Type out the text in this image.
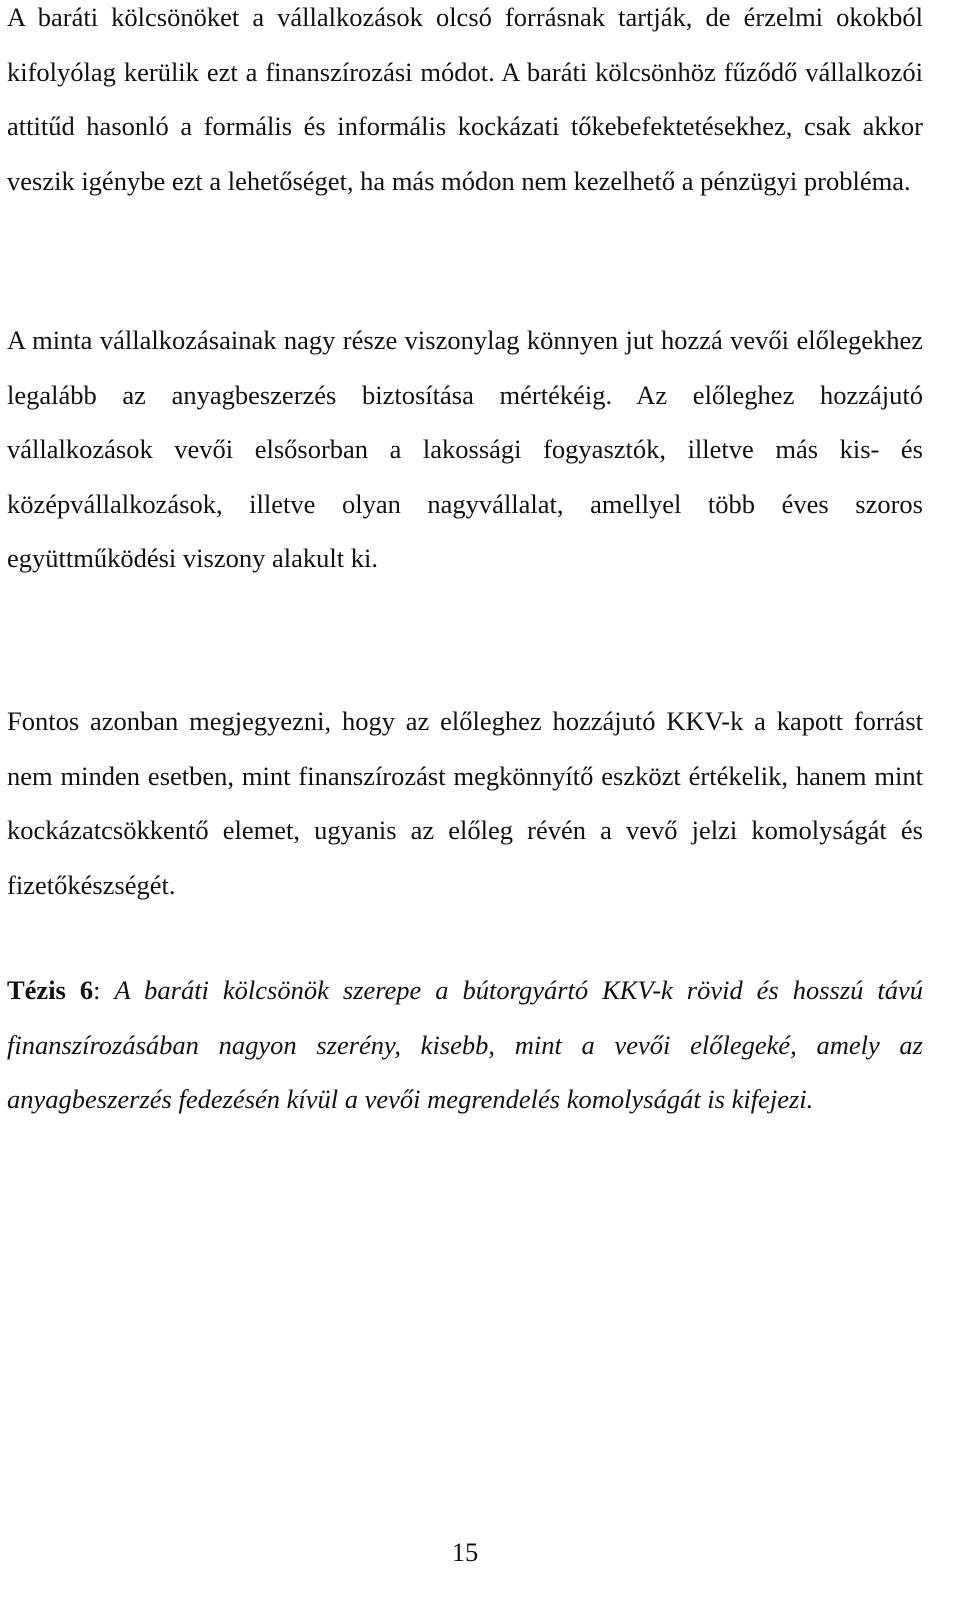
A baráti kölcsönöket a vállalkozások olcsó forrásnak tartják, de érzelmi okokból kifolyólag kerülik ezt a finanszírozási módot. A baráti kölcsönhöz fűződő vállalkozói attitűd hasonló a formális és informális kockázati tőkebefektetésekhez, csak akkor veszik igénybe ezt a lehetőséget, ha más módon nem kezelhető a pénzügyi probléma.

A minta vállalkozásainak nagy része viszonylag könnyen jut hozzá vevői előlegekhez legalább az anyagbeszerzés biztosítása mértékéig. Az előleghez hozzájutó vállalkozások vevői elsősorban a lakossági fogyasztók, illetve más kis- és középvállalkozások, illetve olyan nagyvállalat, amellyel több éves szoros együttműködési viszony alakult ki.

Fontos azonban megjegyezni, hogy az előleghez hozzájutó KKV-k a kapott forrást nem minden esetben, mint finanszírozást megkönnyítő eszközt értékelik, hanem mint kockázatcsökkentő elemet, ugyanis az előleg révén a vevő jelzi komolyságát és fizetőkészségét.

Tézis 6: A baráti kölcsönök szerepe a bútorgyártó KKV-k rövid és hosszú távú finanszírozásában nagyon szerény, kisebb, mint a vevői előlegeké, amely az anyagbeszerzés fedezésén kívül a vevői megrendelés komolyságát is kifejezi.

15
